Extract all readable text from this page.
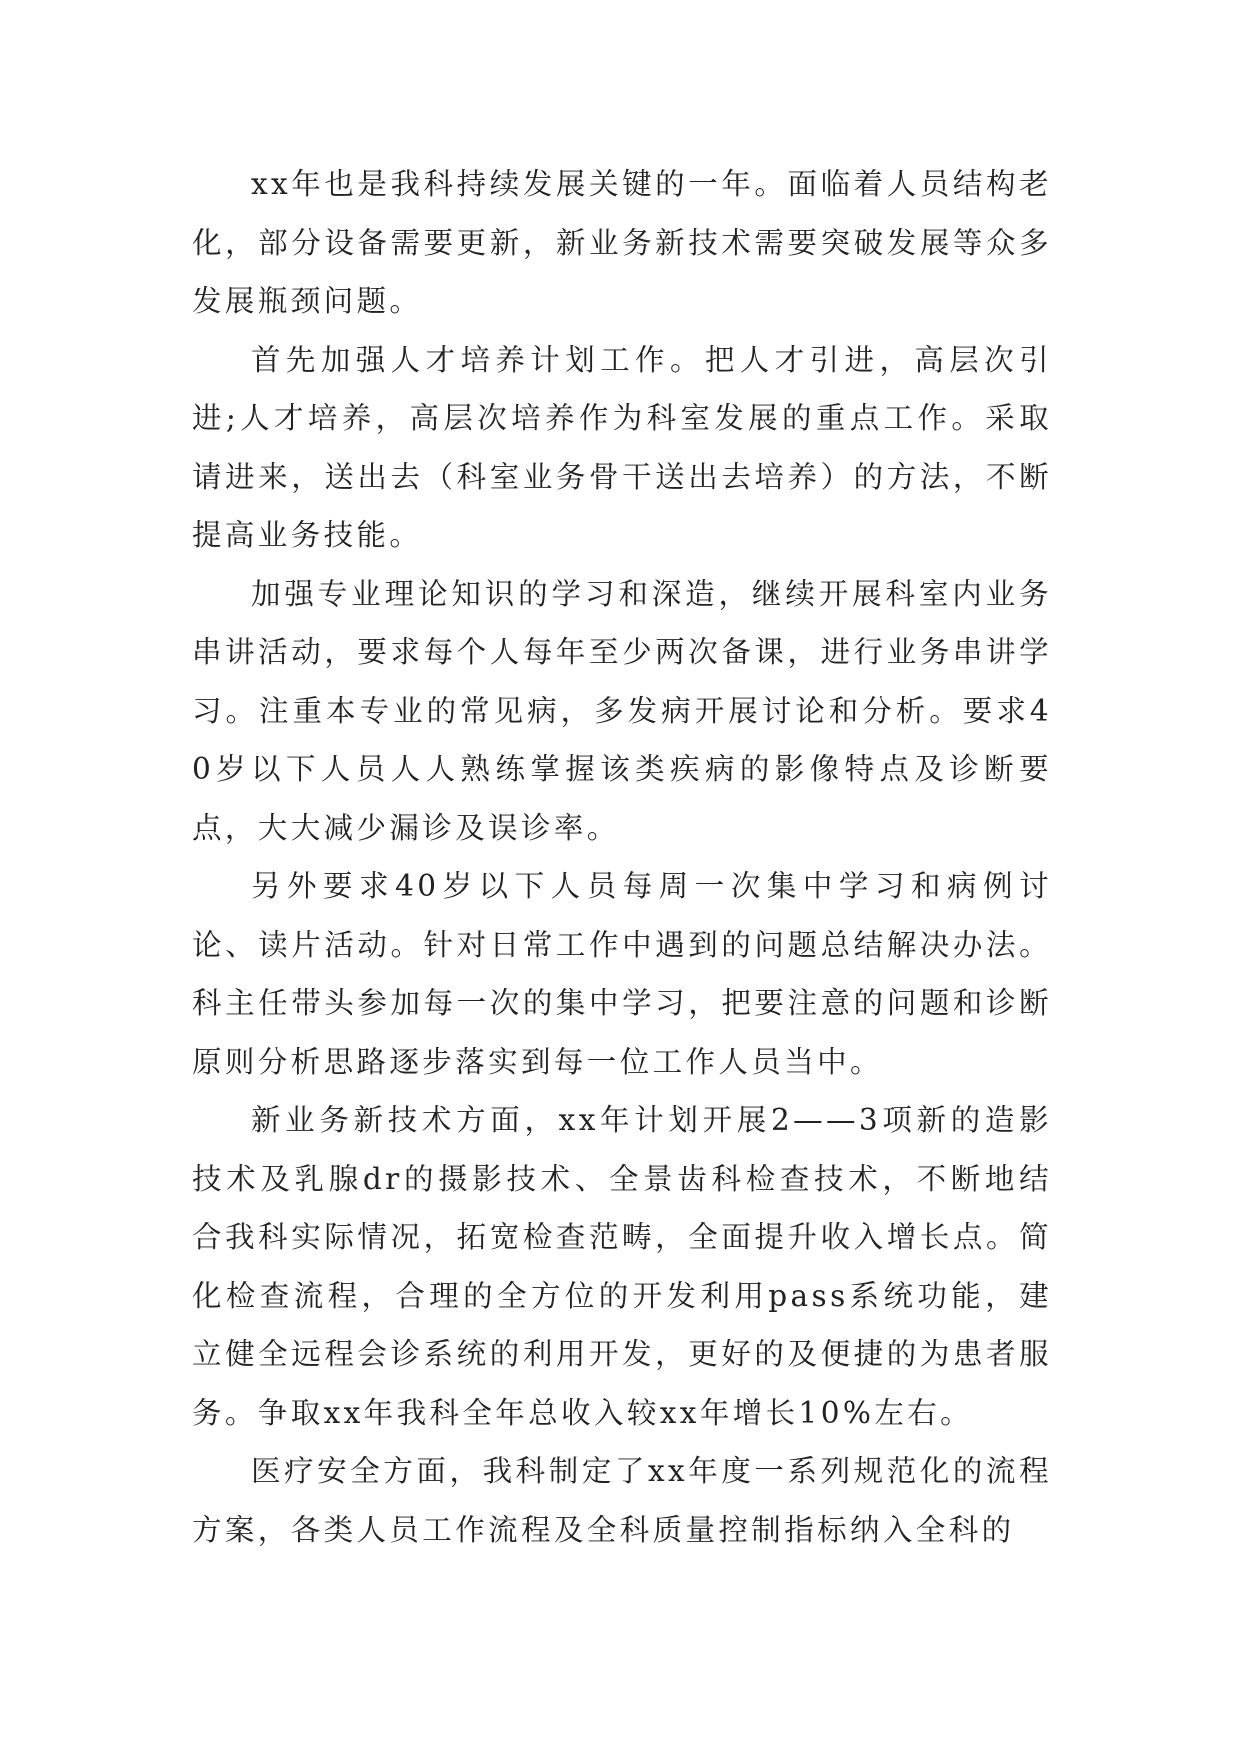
xx年也是我科持续发展关键的一年。面临着人员结构老化，部分设备需要更新，新业务新技术需要突破发展等众多发展瓶颈问题。

首先加强人才培养计划工作。把人才引进，高层次引进;人才培养，高层次培养作为科室发展的重点工作。采取请进来，送出去（科室业务骨干送出去培养）的方法，不断提高业务技能。

加强专业理论知识的学习和深造，继续开展科室内业务串讲活动，要求每个人每年至少两次备课，进行业务串讲学习。注重本专业的常见病，多发病开展讨论和分析。要求40岁以下人员人人熟练掌握该类疾病的影像特点及诊断要点，大大减少漏诊及误诊率。

另外要求40岁以下人员每周一次集中学习和病例讨论、读片活动。针对日常工作中遇到的问题总结解决办法。科主任带头参加每一次的集中学习，把要注意的问题和诊断原则分析思路逐步落实到每一位工作人员当中。

新业务新技术方面，xx年计划开展2——3项新的造影技术及乳腺dr的摄影技术、全景齿科检查技术，不断地结合我科实际情况，拓宽检查范畴，全面提升收入增长点。简化检查流程，合理的全方位的开发利用pass系统功能，建立健全远程会诊系统的利用开发，更好的及便捷的为患者服务。争取xx年我科全年总收入较xx年增长10%左右。

医疗安全方面，我科制定了xx年度一系列规范化的流程方案，各类人员工作流程及全科质量控制指标纳入全科的
